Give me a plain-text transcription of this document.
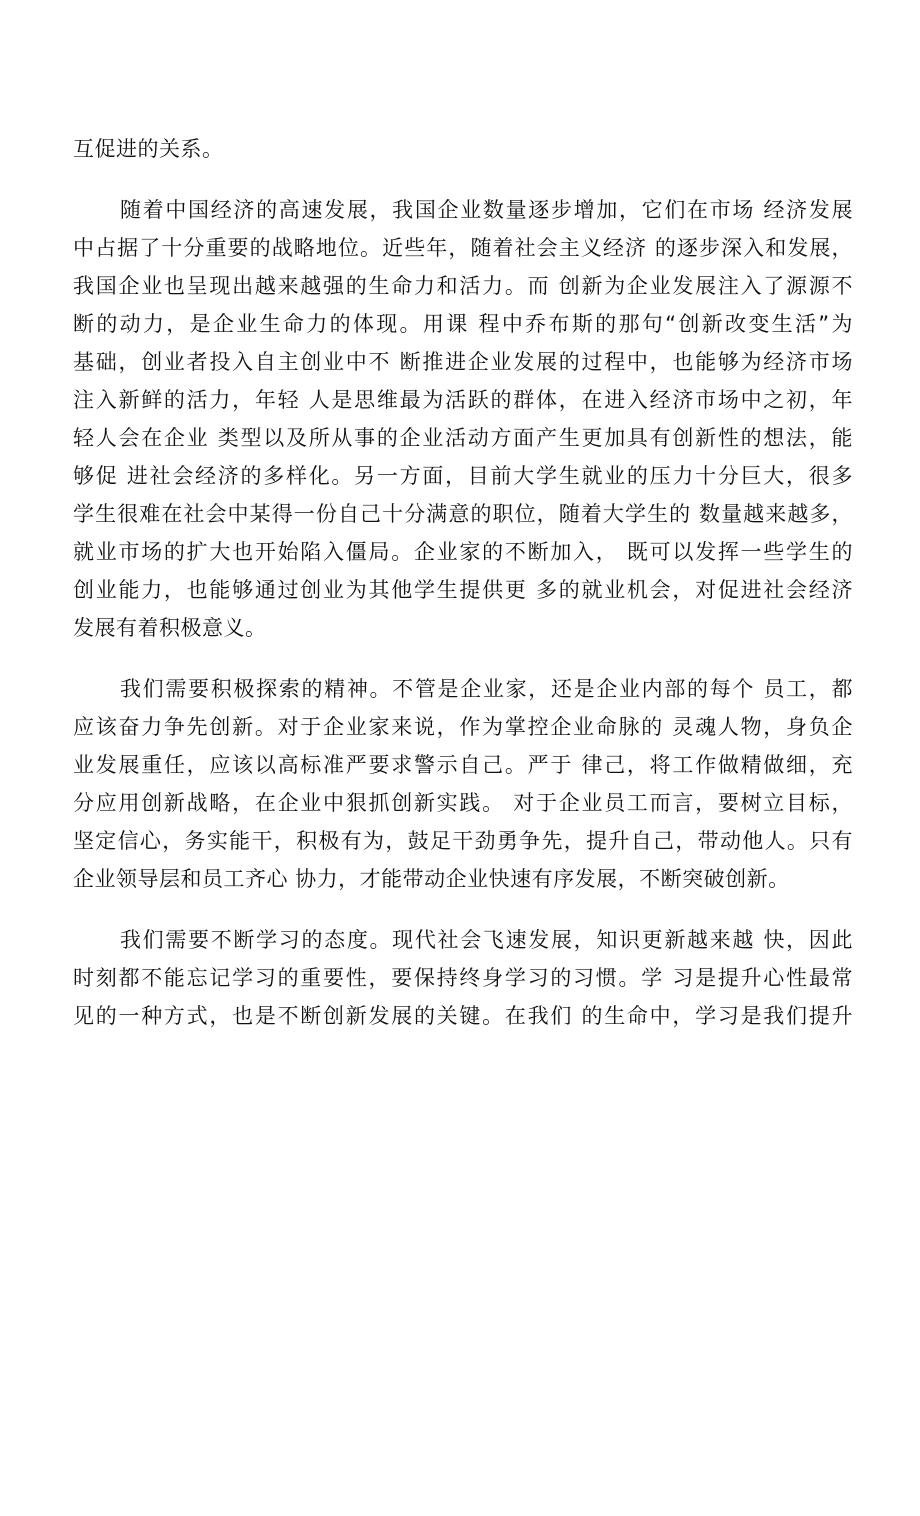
互促进的关系。
随着中国经济的高速发展，我国企业数量逐步增加，它们在市场 经济发展
中占据了十分重要的战略地位。近些年，随着社会主义经济 的逐步深入和发展，
我国企业也呈现出越来越强的生命力和活力。而 创新为企业发展注入了源源不
断的动力，是企业生命力的体现。用课 程中乔布斯的那句“创新改变生活”为
基础，创业者投入自主创业中不 断推进企业发展的过程中，也能够为经济市场
注入新鲜的活力，年轻 人是思维最为活跃的群体，在进入经济市场中之初，年
轻人会在企业 类型以及所从事的企业活动方面产生更加具有创新性的想法，能
够促 进社会经济的多样化。另一方面，目前大学生就业的压力十分巨大，很多
学生很难在社会中某得一份自己十分满意的职位，随着大学生的 数量越来越多，
就业市场的扩大也开始陷入僵局。企业家的不断加入， 既可以发挥一些学生的
创业能力，也能够通过创业为其他学生提供更 多的就业机会，对促进社会经济
发展有着积极意义。
我们需要积极探索的精神。不管是企业家，还是企业内部的每个 员工，都
应该奋力争先创新。对于企业家来说，作为掌控企业命脉的 灵魂人物，身负企
业发展重任，应该以高标准严要求警示自己。严于 律己，将工作做精做细，充
分应用创新战略，在企业中狠抓创新实践。 对于企业员工而言，要树立目标，
坚定信心，务实能干，积极有为，鼓足干劲勇争先，提升自己，带动他人。只有
企业领导层和员工齐心 协力，才能带动企业快速有序发展，不断突破创新。
我们需要不断学习的态度。现代社会飞速发展，知识更新越来越 快，因此
时刻都不能忘记学习的重要性，要保持终身学习的习惯。学 习是提升心性最常
见的一种方式，也是不断创新发展的关键。在我们 的生命中，学习是我们提升
